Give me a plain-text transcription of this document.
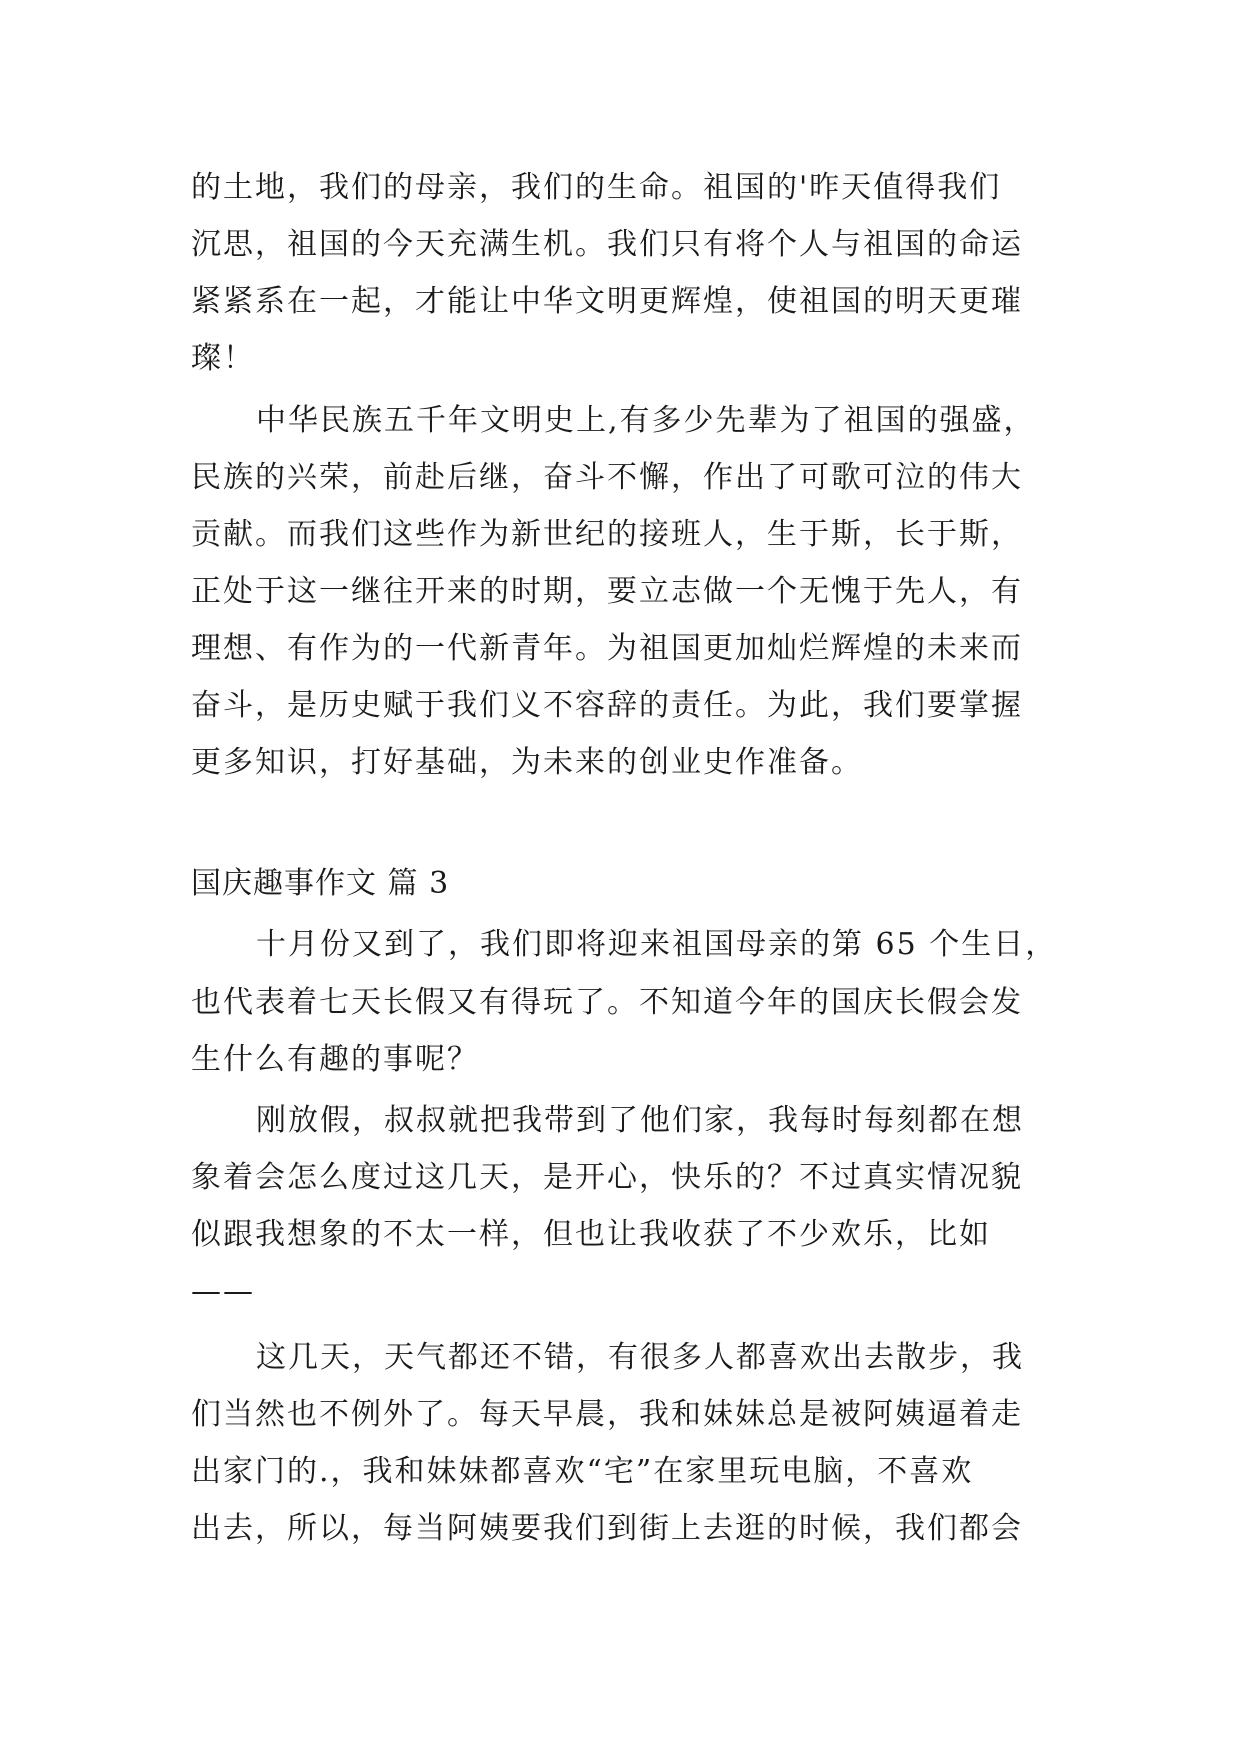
的土地，我们的母亲，我们的生命。祖国的'昨天值得我们
沉思，祖国的今天充满生机。我们只有将个人与祖国的命运
紧紧系在一起，才能让中华文明更辉煌，使祖国的明天更璀
璨！
中华民族五千年文明史上,有多少先辈为了祖国的强盛，
民族的兴荣，前赴后继，奋斗不懈，作出了可歌可泣的伟大
贡献。而我们这些作为新世纪的接班人，生于斯，长于斯，
正处于这一继往开来的时期，要立志做一个无愧于先人，有
理想、有作为的一代新青年。为祖国更加灿烂辉煌的未来而
奋斗，是历史赋于我们义不容辞的责任。为此，我们要掌握
更多知识，打好基础，为未来的创业史作准备。
国庆趣事作文 篇 3
十月份又到了，我们即将迎来祖国母亲的第 65 个生日，
也代表着七天长假又有得玩了。不知道今年的国庆长假会发
生什么有趣的事呢？
刚放假，叔叔就把我带到了他们家，我每时每刻都在想
象着会怎么度过这几天，是开心，快乐的？不过真实情况貌
似跟我想象的不太一样，但也让我收获了不少欢乐，比如
——
这几天，天气都还不错，有很多人都喜欢出去散步，我
们当然也不例外了。每天早晨，我和妹妹总是被阿姨逼着走
出家门的.，我和妹妹都喜欢“宅”在家里玩电脑，不喜欢
出去，所以，每当阿姨要我们到街上去逛的时候，我们都会
